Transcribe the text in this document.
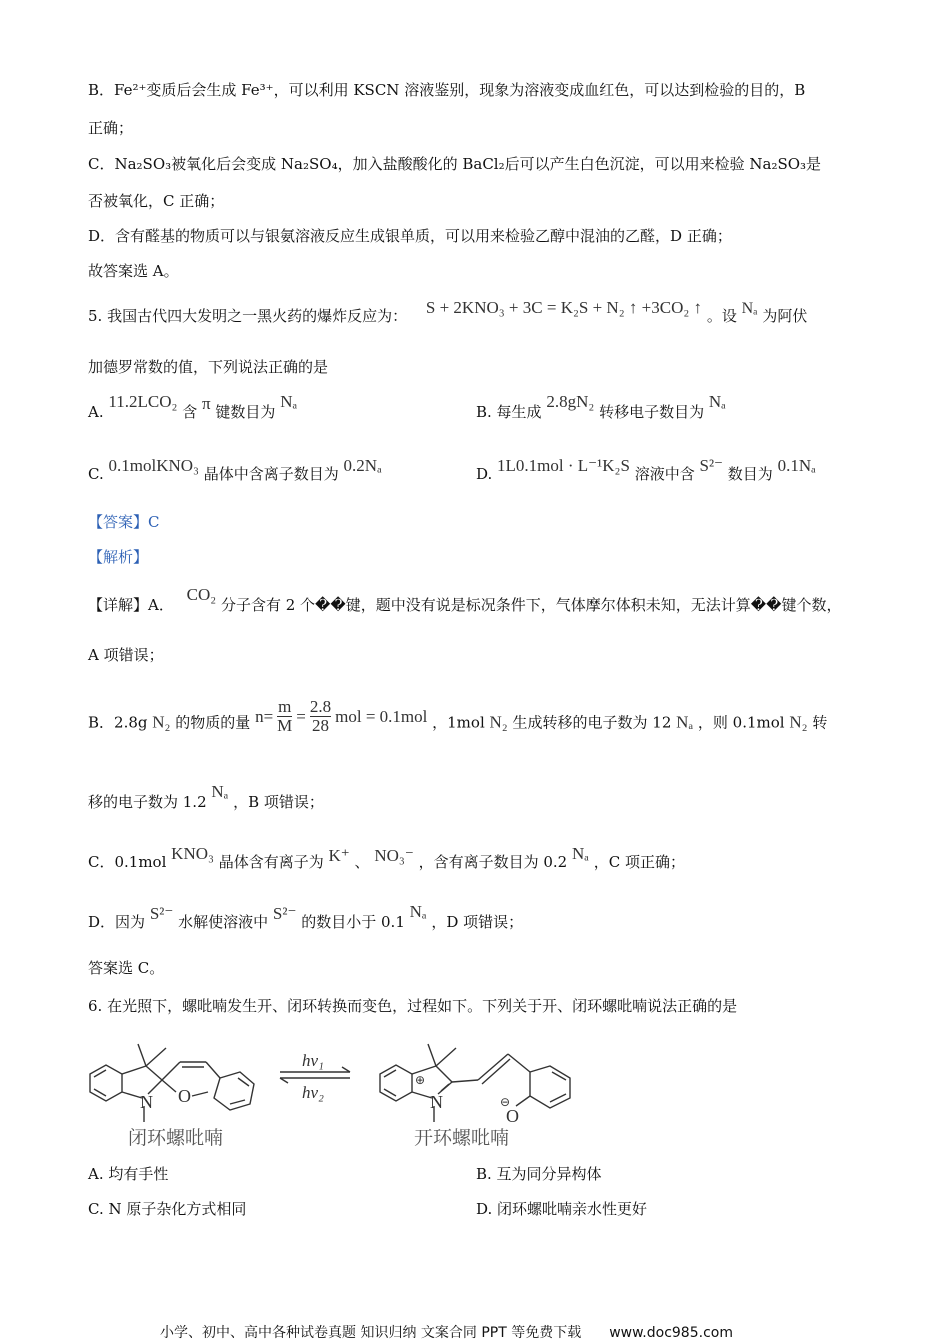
B．Fe²⁺变质后会生成 Fe³⁺，可以利用 KSCN 溶液鉴别，现象为溶液变成血红色，可以达到检验的目的，B
正确；
C．Na₂SO₃被氧化后会变成 Na₂SO₄，加入盐酸酸化的 BaCl₂后可以产生白色沉淀，可以用来检验 Na₂SO₃是
否被氧化，C 正确；
D．含有醛基的物质可以与银氨溶液反应生成银单质，可以用来检验乙醇中混油的乙醛，D 正确；
故答案选 A。
5. 我国古代四大发明之一黑火药的爆炸反应为： S + 2KNO₃ + 3C = K₂S + N₂ ↑ +3CO₂ ↑ 。设 Nₐ 为阿伏
加德罗常数的值，下列说法正确的是
A. 11.2LCO₂ 含 π 键数目为 Nₐ
B. 每生成 2.8gN₂ 转移电子数目为 Nₐ
C. 0.1molKNO₃ 晶体中含离子数目为 0.2Nₐ	D. 1L0.1mol · L⁻¹K₂S 溶液中含 S²⁻ 数目为 0.1Nₐ
【答案】C
【解析】
【详解】A． CO₂ 分子含有 2 个��键，题中没有说是标况条件下，气体摩尔体积未知，无法计算��键个数，
A 项错误；
B．2.8g N₂ 的物质的量 $n= \frac{m}{M} = \frac{2.8}{28}$ mol = 0.1mol ，1mol N₂ 生成转移的电子数为 12 Nₐ ，则 0.1mol N₂ 转
移的电子数为 1.2 Nₐ ，B 项错误；
C．0.1mol KNO₃ 晶体含有离子为 K⁺ 、 NO₃⁻ ，含有离子数目为 0.2 Nₐ ，C 项正确；
D．因为 S²⁻ 水解使溶液中 S²⁻ 的数目小于 0.1 Nₐ ，D 项错误；
答案选 C。
6. 在光照下，螺吡喃发生开、闭环转换而变色，过程如下。下列关于开、闭环螺吡喃说法正确的是
N O	N
⊕
O
⊖
hν₁
hν₂
闭环螺吡喃	开环螺吡喃
A. 均有手性	B. 互为同分异构体
C. N 原子杂化方式相同	D. 闭环螺吡喃亲水性更好
小学、初中、高中各种试卷真题 知识归纳 文案合同 PPT 等免费下载　　www.doc985.com
